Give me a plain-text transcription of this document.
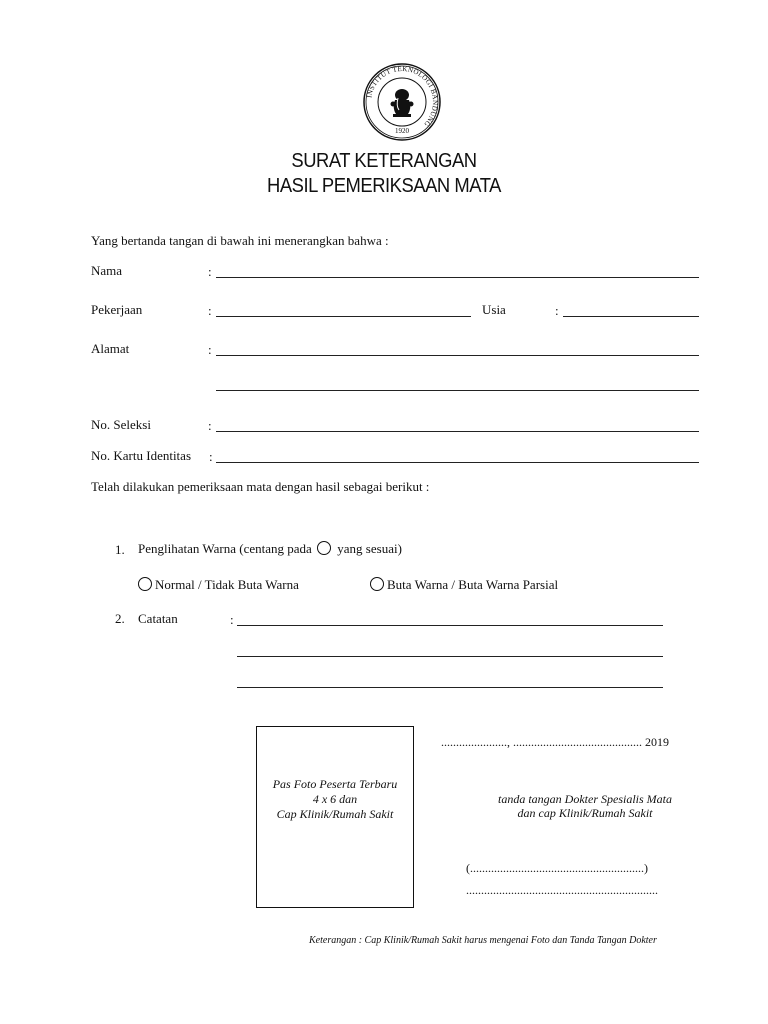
INSTITUT TEKNOLOGI BANDUNG
1920
SURAT KETERANGAN
HASIL PEMERIKSAAN MATA
Yang bertanda tangan di bawah ini menerangkan bahwa :
Nama	:
Pekerjaan	:	Usia	:
Alamat	:
No. Seleksi	:
No. Kartu Identitas :
Telah dilakukan pemeriksaan mata dengan hasil sebagai berikut :
1. Penglihatan Warna (centang pada yang sesuai)
Normal / Tidak Buta Warna	Buta Warna / Buta Warna Parsial
2. Catatan	:
Pas Foto Peserta Terbaru
4 x 6 dan
Cap Klinik/Rumah Sakit
......................, ........................................... 2019
tanda tangan Dokter Spesialis Mata
dan cap Klinik/Rumah Sakit
(..........................................................)
................................................................
Keterangan : Cap Klinik/Rumah Sakit harus mengenai Foto dan Tanda Tangan Dokter
